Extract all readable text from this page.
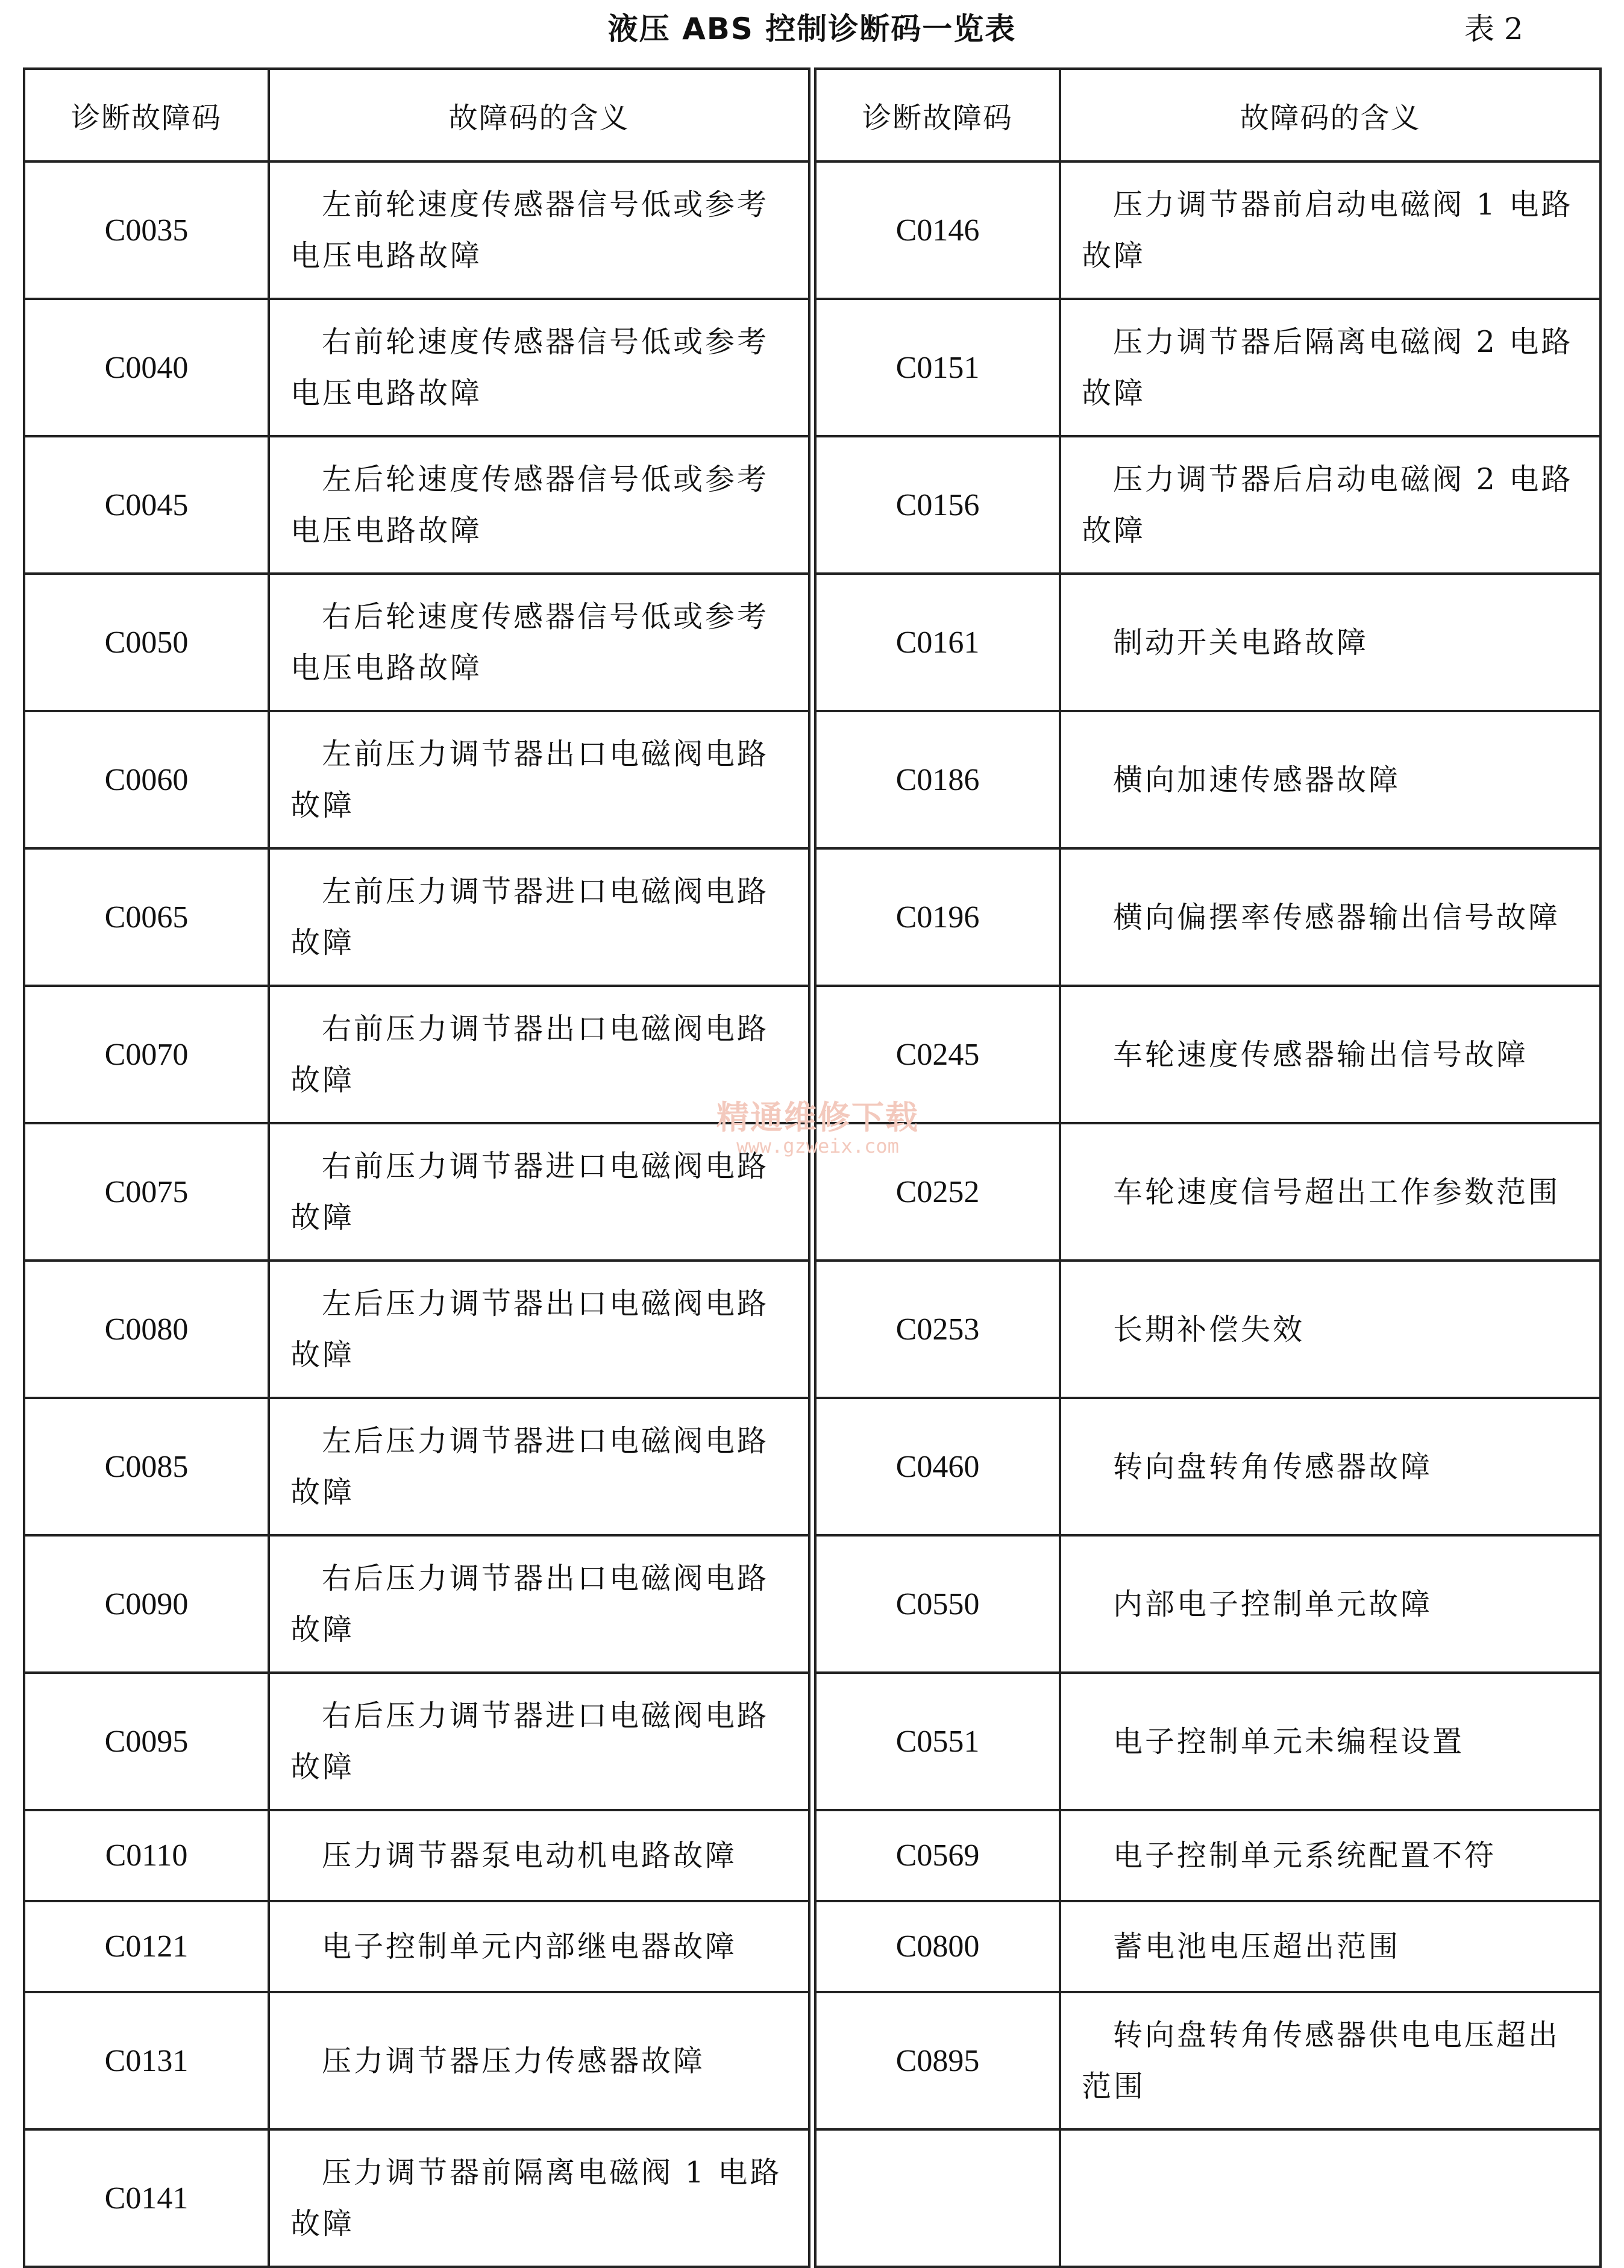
液压 ABS 控制诊断码一览表	表 2
诊断故障码	故障码的含义
C0035	左前轮速度传感器信号低或参考电压电路故障
C0040	右前轮速度传感器信号低或参考电压电路故障
C0045	左后轮速度传感器信号低或参考电压电路故障
C0050	右后轮速度传感器信号低或参考电压电路故障
C0060	左前压力调节器出口电磁阀电路故障
C0065	左前压力调节器进口电磁阀电路故障
C0070	右前压力调节器出口电磁阀电路故障
C0075	右前压力调节器进口电磁阀电路故障
C0080	左后压力调节器出口电磁阀电路故障
C0085	左后压力调节器进口电磁阀电路故障
C0090	右后压力调节器出口电磁阀电路故障
C0095	右后压力调节器进口电磁阀电路故障
C0110	压力调节器泵电动机电路故障
C0121	电子控制单元内部继电器故障
C0131	压力调节器压力传感器故障
C0141	压力调节器前隔离电磁阀 1 电路故障
诊断故障码	故障码的含义
C0146	压力调节器前启动电磁阀 1 电路故障
C0151	压力调节器后隔离电磁阀 2 电路故障
C0156	压力调节器后启动电磁阀 2 电路故障
C0161	制动开关电路故障
C0186	横向加速传感器故障
C0196	横向偏摆率传感器输出信号故障
C0245	车轮速度传感器输出信号故障
C0252	车轮速度信号超出工作参数范围
C0253	长期补偿失效
C0460	转向盘转角传感器故障
C0550	内部电子控制单元故障
C0551	电子控制单元未编程设置
C0569	电子控制单元系统配置不符
C0800	蓄电池电压超出范围
C0895	转向盘转角传感器供电电压超出范围

精通维修下载
www.gzweix.com
